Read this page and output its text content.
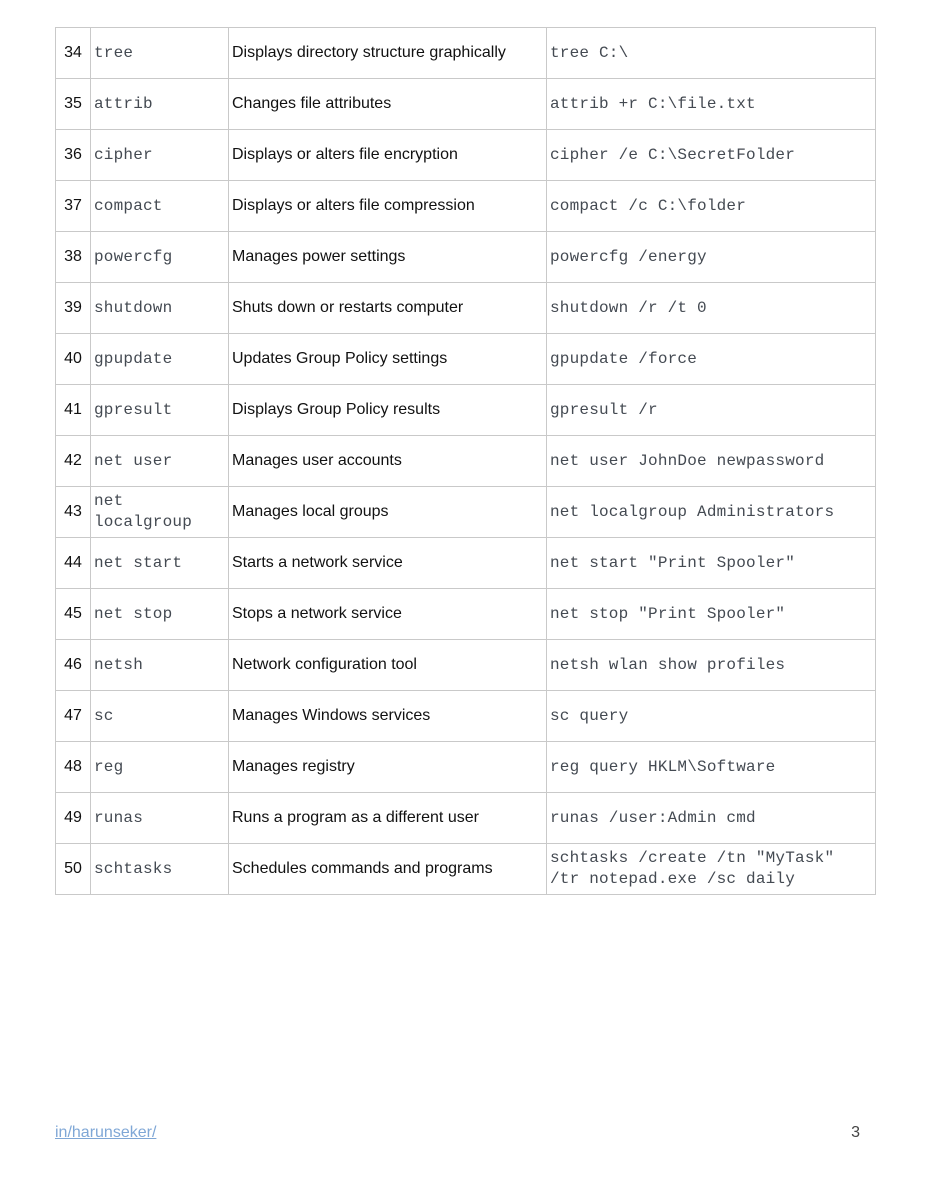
34	tree	Displays directory structure graphically	tree C:\
35	attrib	Changes file attributes	attrib +r C:\file.txt
36	cipher	Displays or alters file encryption	cipher /e C:\SecretFolder
37	compact	Displays or alters file compression	compact /c C:\folder
38	powercfg	Manages power settings	powercfg /energy
39	shutdown	Shuts down or restarts computer	shutdown /r /t 0
40	gpupdate	Updates Group Policy settings	gpupdate /force
41	gpresult	Displays Group Policy results	gpresult /r
42	net user	Manages user accounts	net user JohnDoe newpassword
43	net localgroup	Manages local groups	net localgroup Administrators
44	net start	Starts a network service	net start "Print Spooler"
45	net stop	Stops a network service	net stop "Print Spooler"
46	netsh	Network configuration tool	netsh wlan show profiles
47	sc	Manages Windows services	sc query
48	reg	Manages registry	reg query HKLM\Software
49	runas	Runs a program as a different user	runas /user:Admin cmd
50	schtasks	Schedules commands and programs	schtasks /create /tn "MyTask" /tr notepad.exe /sc daily
in/harunseker/	3
